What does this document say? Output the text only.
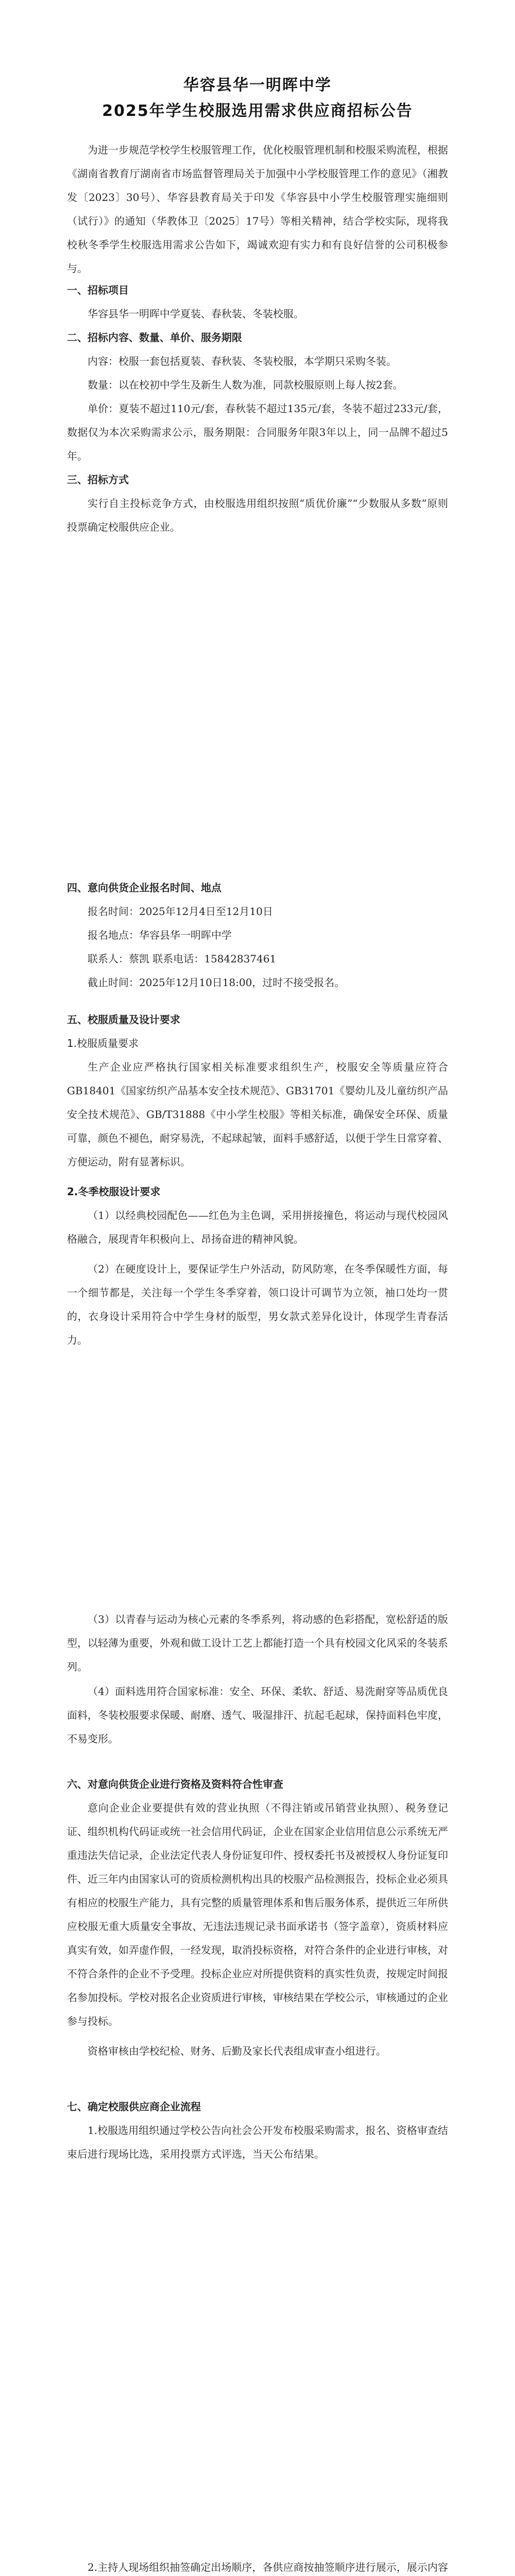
华容县华一明晖中学
2025年学生校服选用需求供应商招标公告

为进一步规范学校学生校服管理工作，优化校服管理机制和校服采购流程，根据《湖南省教育厅湖南省市场监督管理局关于加强中小学校服管理工作的意见》（湘教发〔2023〕30号）、华容县教育局关于印发《华容县中小学生校服管理实施细则（试行）》的通知（华教体卫〔2025〕17号）等相关精神，结合学校实际，现将我校秋冬季学生校服选用需求公告如下，竭诚欢迎有实力和有良好信誉的公司积极参与。

一、招标项目

华容县华一明晖中学夏装、春秋装、冬装校服。

二、招标内容、数量、单价、服务期限

内容：校服一套包括夏装、春秋装、冬装校服，本学期只采购冬装。

数量：以在校初中学生及新生人数为准，同款校服原则上每人按2套。

单价：夏装不超过110元/套，春秋装不超过135元/套，冬装不超过233元/套，数据仅为本次采购需求公示，服务期限：合同服务年限3年以上，同一品牌不超过5年。

三、招标方式

实行自主投标竞争方式，由校服选用组织按照“质优价廉”“少数服从多数”原则投票确定校服供应企业。

四、意向供货企业报名时间、地点

报名时间：2025年12月4日至12月10日

报名地点：华容县华一明晖中学

联系人：蔡凯 联系电话：15842837461

截止时间：2025年12月10日18:00，过时不接受报名。

五、校服质量及设计要求

1.校服质量要求

生产企业应严格执行国家相关标准要求组织生产，校服安全等质量应符合GB18401《国家纺织产品基本安全技术规范》、GB31701《婴幼儿及儿童纺织产品安全技术规范》、GB/T31888《中小学生校服》等相关标准，确保安全环保、质量可靠，颜色不褪色，耐穿易洗，不起球起皱，面料手感舒适，以便于学生日常穿着、方便运动，附有显著标识。

2.冬季校服设计要求

（1）以经典校园配色——红色为主色调，采用拼接撞色，将运动与现代校园风格融合，展现青年积极向上、昂扬奋进的精神风貌。

（2）在硬度设计上，要保证学生户外活动，防风防寒，在冬季保暖性方面，每一个细节都是，关注每一个学生冬季穿着，领口设计可调节为立领，袖口处均一贯的，衣身设计采用符合中学生身材的版型，男女款式差异化设计，体现学生青春活力。

（3）以青春与运动为核心元素的冬季系列，将动感的色彩搭配，宽松舒适的版型，以轻薄为重要，外观和做工设计工艺上都能打造一个具有校园文化风采的冬装系列。

（4）面料选用符合国家标准：安全、环保、柔软、舒适、易洗耐穿等品质优良面料，冬装校服要求保暖、耐磨、透气、吸湿排汗、抗起毛起球，保持面料色牢度，不易变形。

六、对意向供货企业进行资格及资料符合性审查

意向企业企业要提供有效的营业执照（不得注销或吊销营业执照）、税务登记证、组织机构代码证或统一社会信用代码证，企业在国家企业信用信息公示系统无严重违法失信记录，企业法定代表人身份证复印件、授权委托书及被授权人身份证复印件、近三年内由国家认可的资质检测机构出具的校服产品检测报告，投标企业必须具有相应的校服生产能力，具有完整的质量管理体系和售后服务体系，提供近三年所供应校服无重大质量安全事故、无违法违规记录书面承诺书（签字盖章），资质材料应真实有效，如弄虚作假，一经发现，取消投标资格，对符合条件的企业进行审核，对不符合条件的企业不予受理。投标企业应对所提供资料的真实性负责，按规定时间报名参加投标。学校对报名企业资质进行审核，审核结果在学校公示，审核通过的企业参与投标。

资格审核由学校纪检、财务、后勤及家长代表组成审查小组进行。

七、确定校服供应商企业流程

1.校服选用组织通过学校公告向社会公开发布校服采购需求，报名、资格审查结束后进行现场比选，采用投票方式评选，当天公布结果。

2.主持人现场组织抽签确定出场顺序，各供应商按抽签顺序进行展示，展示内容
